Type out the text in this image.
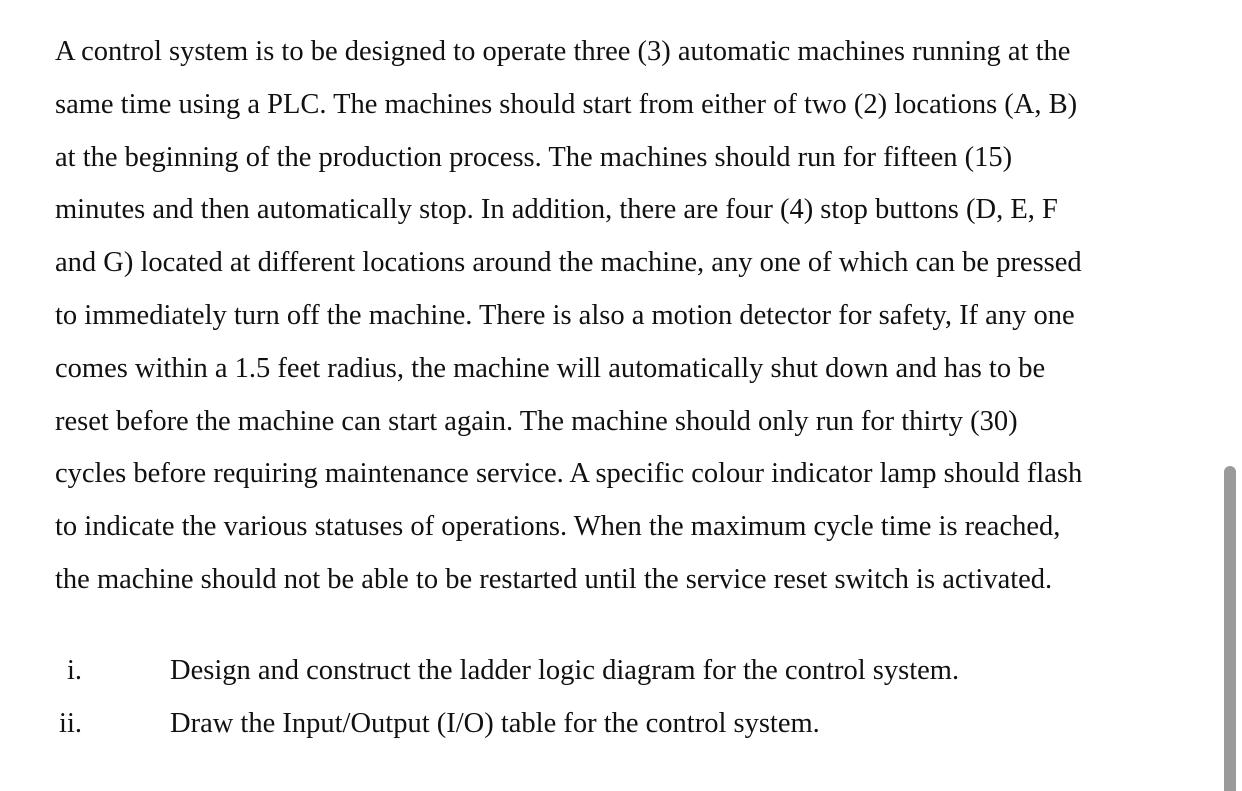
A control system is to be designed to operate three (3) automatic machines running at the
same time using a PLC. The machines should start from either of two (2) locations (A, B)
at the beginning of the production process. The machines should run for fifteen (15)
minutes and then automatically stop. In addition, there are four (4) stop buttons (D, E, F
and G) located at different locations around the machine, any one of which can be pressed
to immediately turn off the machine. There is also a motion detector for safety, If any one
comes within a 1.5 feet radius, the machine will automatically shut down and has to be
reset before the machine can start again. The machine should only run for thirty (30)
cycles before requiring maintenance service. A specific colour indicator lamp should flash
to indicate the various statuses of operations. When the maximum cycle time is reached,
the machine should not be able to be restarted until the service reset switch is activated.
i.	Design and construct the ladder logic diagram for the control system.
ii.	Draw the Input/Output (I/O) table for the control system.
